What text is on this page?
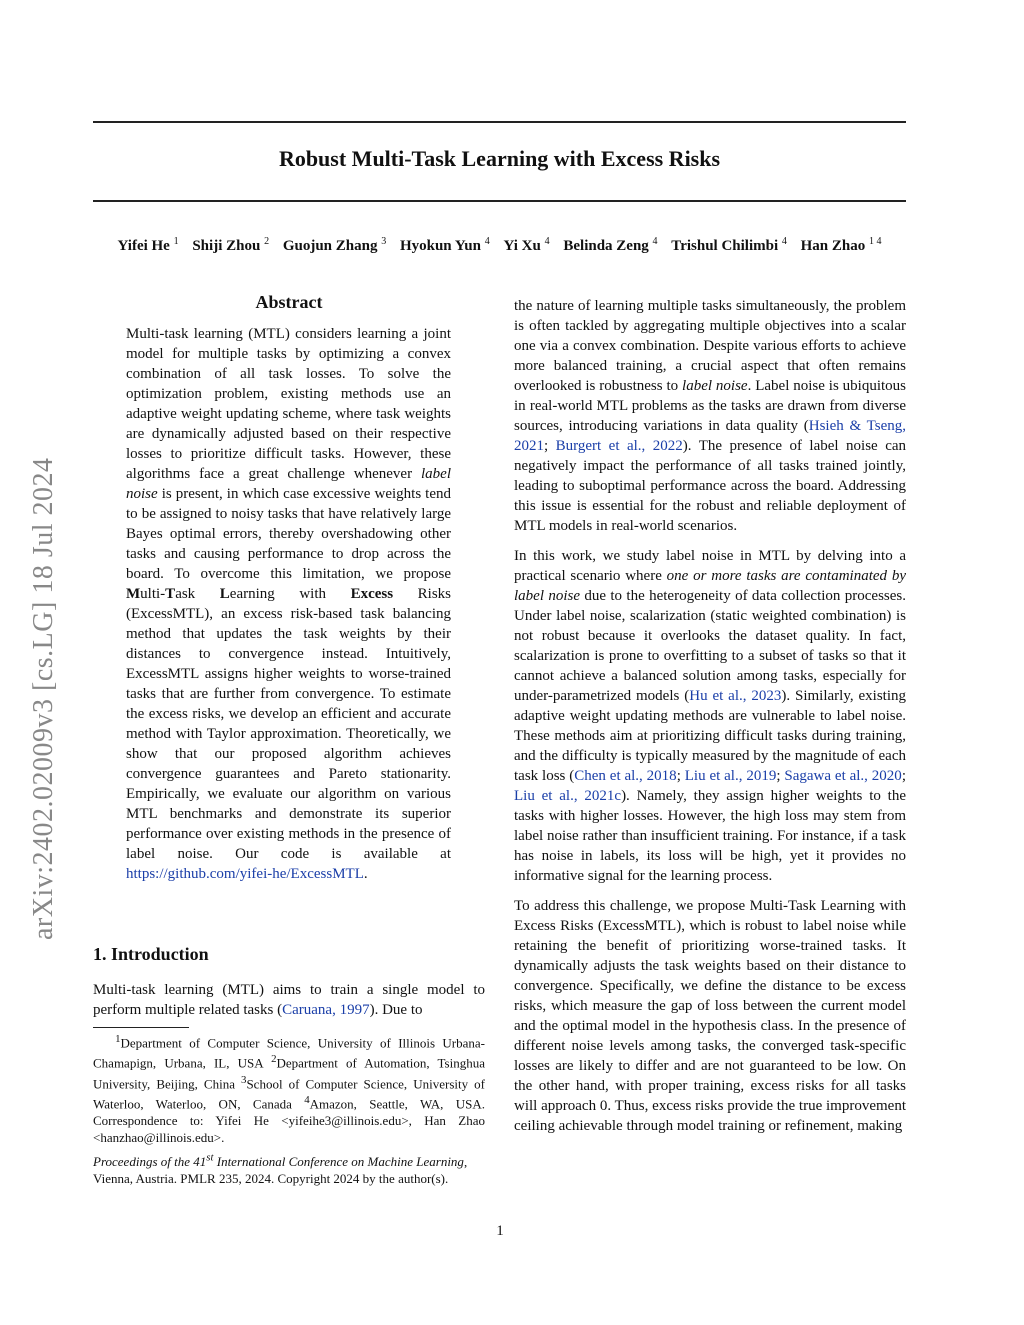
Robust Multi-Task Learning with Excess Risks
Yifei He $^1$ Shiji Zhou $^2$ Guojun Zhang $^3$ Hyokun Yun $^4$ Yi Xu $^4$ Belinda Zeng $^4$ Trishul Chilimbi $^4$ Han Zhao $^{1 4}$
arXiv:2402.02009v3 [cs.LG] 18 Jul 2024
Abstract
Multi-task learning (MTL) considers learning a joint model for multiple tasks by optimizing a convex combination of all task losses. To solve the optimization problem, existing methods use an adaptive weight updating scheme, where task weights are dynamically adjusted based on their respective losses to prioritize difficult tasks. However, these algorithms face a great challenge whenever label noise is present, in which case excessive weights tend to be assigned to noisy tasks that have relatively large Bayes optimal errors, thereby overshadowing other tasks and causing performance to drop across the board. To overcome this limitation, we propose Multi-Task Learning with Excess Risks (ExcessMTL), an excess risk-based task balancing method that updates the task weights by their distances to convergence instead. Intuitively, ExcessMTL assigns higher weights to worse-trained tasks that are further from convergence. To estimate the excess risks, we develop an efficient and accurate method with Taylor approximation. Theoretically, we show that our proposed algorithm achieves convergence guarantees and Pareto stationarity. Empirically, we evaluate our algorithm on various MTL benchmarks and demonstrate its superior performance over existing methods in the presence of label noise. Our code is available at https://github.com/yifei-he/ExcessMTL.
1. Introduction
Multi-task learning (MTL) aims to train a single model to perform multiple related tasks (Caruana, 1997). Due to
$^1$Department of Computer Science, University of Illinois Urbana-Chamapign, Urbana, IL, USA $^2$Department of Automation, Tsinghua University, Beijing, China $^3$School of Computer Science, University of Waterloo, Waterloo, ON, Canada $^4$Amazon, Seattle, WA, USA. Correspondence to: Yifei He <yifeihe3@illinois.edu>, Han Zhao <hanzhao@illinois.edu>.
Proceedings of the 41st International Conference on Machine Learning, Vienna, Austria. PMLR 235, 2024. Copyright 2024 by the author(s).

the nature of learning multiple tasks simultaneously, the problem is often tackled by aggregating multiple objectives into a scalar one via a convex combination. Despite various efforts to achieve more balanced training, a crucial aspect that often remains overlooked is robustness to label noise. Label noise is ubiquitous in real-world MTL problems as the tasks are drawn from diverse sources, introducing variations in data quality (Hsieh & Tseng, 2021; Burgert et al., 2022). The presence of label noise can negatively impact the performance of all tasks trained jointly, leading to suboptimal performance across the board. Addressing this issue is essential for the robust and reliable deployment of MTL models in real-world scenarios.

In this work, we study label noise in MTL by delving into a practical scenario where one or more tasks are contaminated by label noise due to the heterogeneity of data collection processes. Under label noise, scalarization (static weighted combination) is not robust because it overlooks the dataset quality. In fact, scalarization is prone to overfitting to a subset of tasks so that it cannot achieve a balanced solution among tasks, especially for under-parametrized models (Hu et al., 2023). Similarly, existing adaptive weight updating methods are vulnerable to label noise. These methods aim at prioritizing difficult tasks during training, and the difficulty is typically measured by the magnitude of each task loss (Chen et al., 2018; Liu et al., 2019; Sagawa et al., 2020; Liu et al., 2021c). Namely, they assign higher weights to the tasks with higher losses. However, the high loss may stem from label noise rather than insufficient training. For instance, if a task has noise in labels, its loss will be high, yet it provides no informative signal for the learning process.

To address this challenge, we propose Multi-Task Learning with Excess Risks (ExcessMTL), which is robust to label noise while retaining the benefit of prioritizing worse-trained tasks. It dynamically adjusts the task weights based on their distance to convergence. Specifically, we define the distance to be excess risks, which measure the gap of loss between the current model and the optimal model in the hypothesis class. In the presence of different noise levels among tasks, the converged task-specific losses are likely to differ and are not guaranteed to be low. On the other hand, with proper training, excess risks for all tasks will approach 0. Thus, excess risks provide the true improvement ceiling achievable through model training or refinement, making

1
